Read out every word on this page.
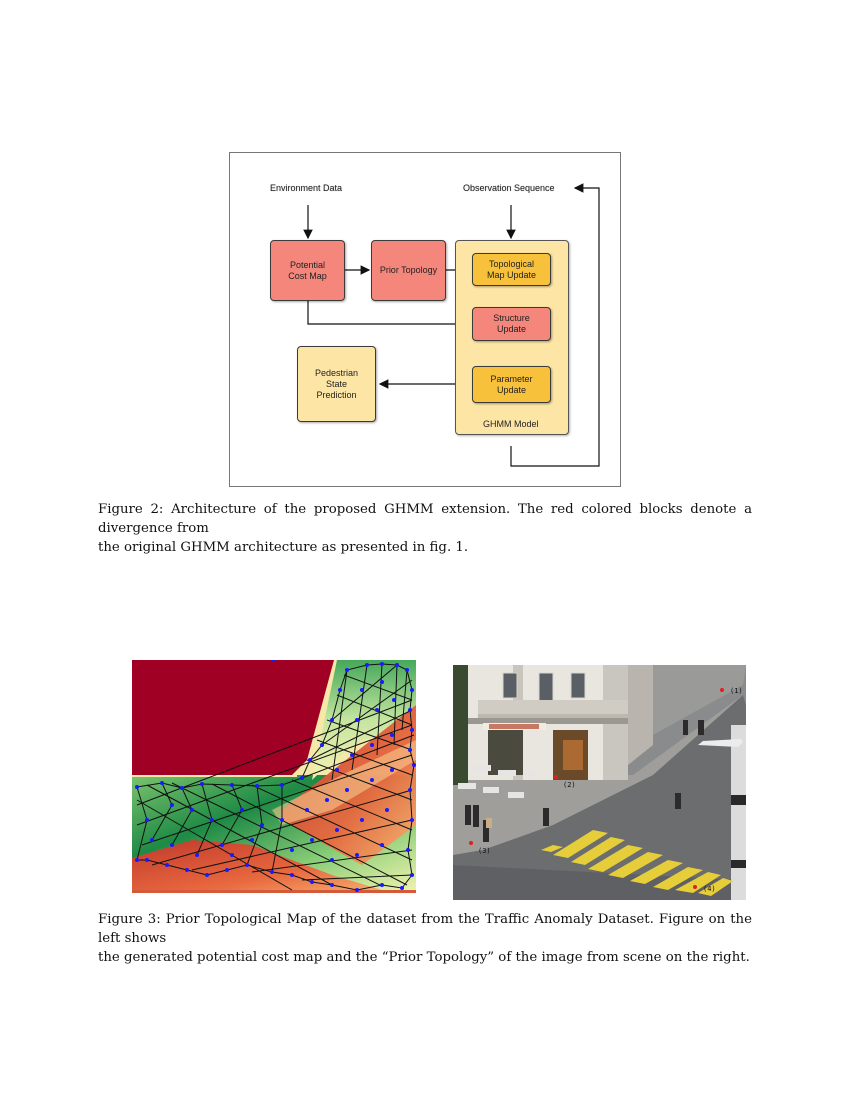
Environment Data	Observation Sequence
Potential
Cost Map
Prior Topology
GHMM Model
Topological
Map Update
Structure
Update
Parameter
Update
Pedestrian
State
Prediction
Figure 2: Architecture of the proposed GHMM extension. The red colored blocks denote a divergence from
the original GHMM architecture as presented in fig. 1.
(1)
(2)
(3)
(4)
Figure 3: Prior Topological Map of the dataset from the Traffic Anomaly Dataset. Figure on the left shows
the generated potential cost map and the “Prior Topology” of the image from scene on the right.
